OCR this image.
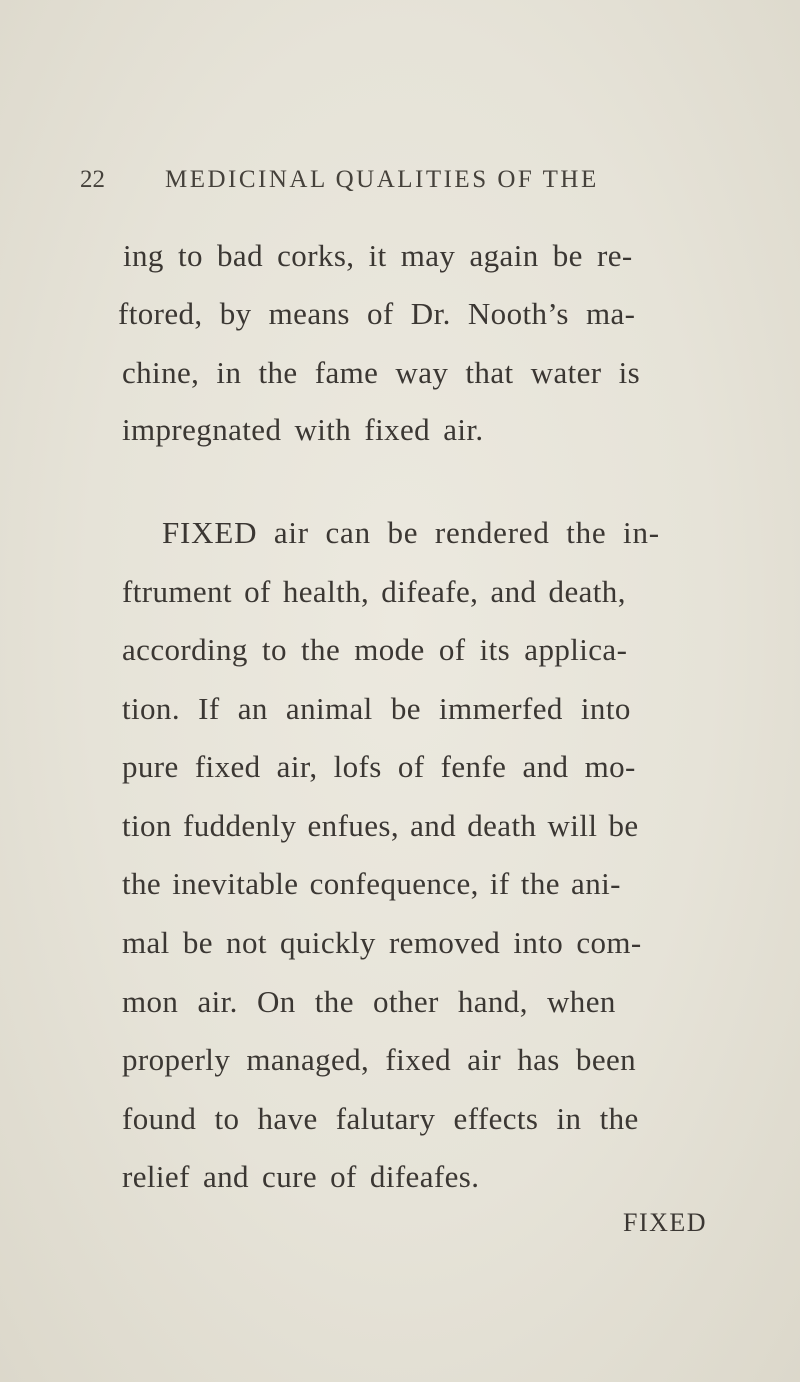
22 MEDICINAL QUALITIES OF THE
ing to bad corks, it may again be re-
ftored, by means of Dr. Nooth’s ma-
chine, in the fame way that water is
impregnated with fixed air.
FIXED air can be rendered the in-
ftrument of health, difeafe, and death,
according to the mode of its applica-
tion. If an animal be immerfed into
pure fixed air, lofs of fenfe and mo-
tion fuddenly enfues, and death will be
the inevitable confequence, if the ani-
mal be not quickly removed into com-
mon air. On the other hand, when
properly managed, fixed air has been
found to have falutary effects in the
relief and cure of difeafes.
FIXED
